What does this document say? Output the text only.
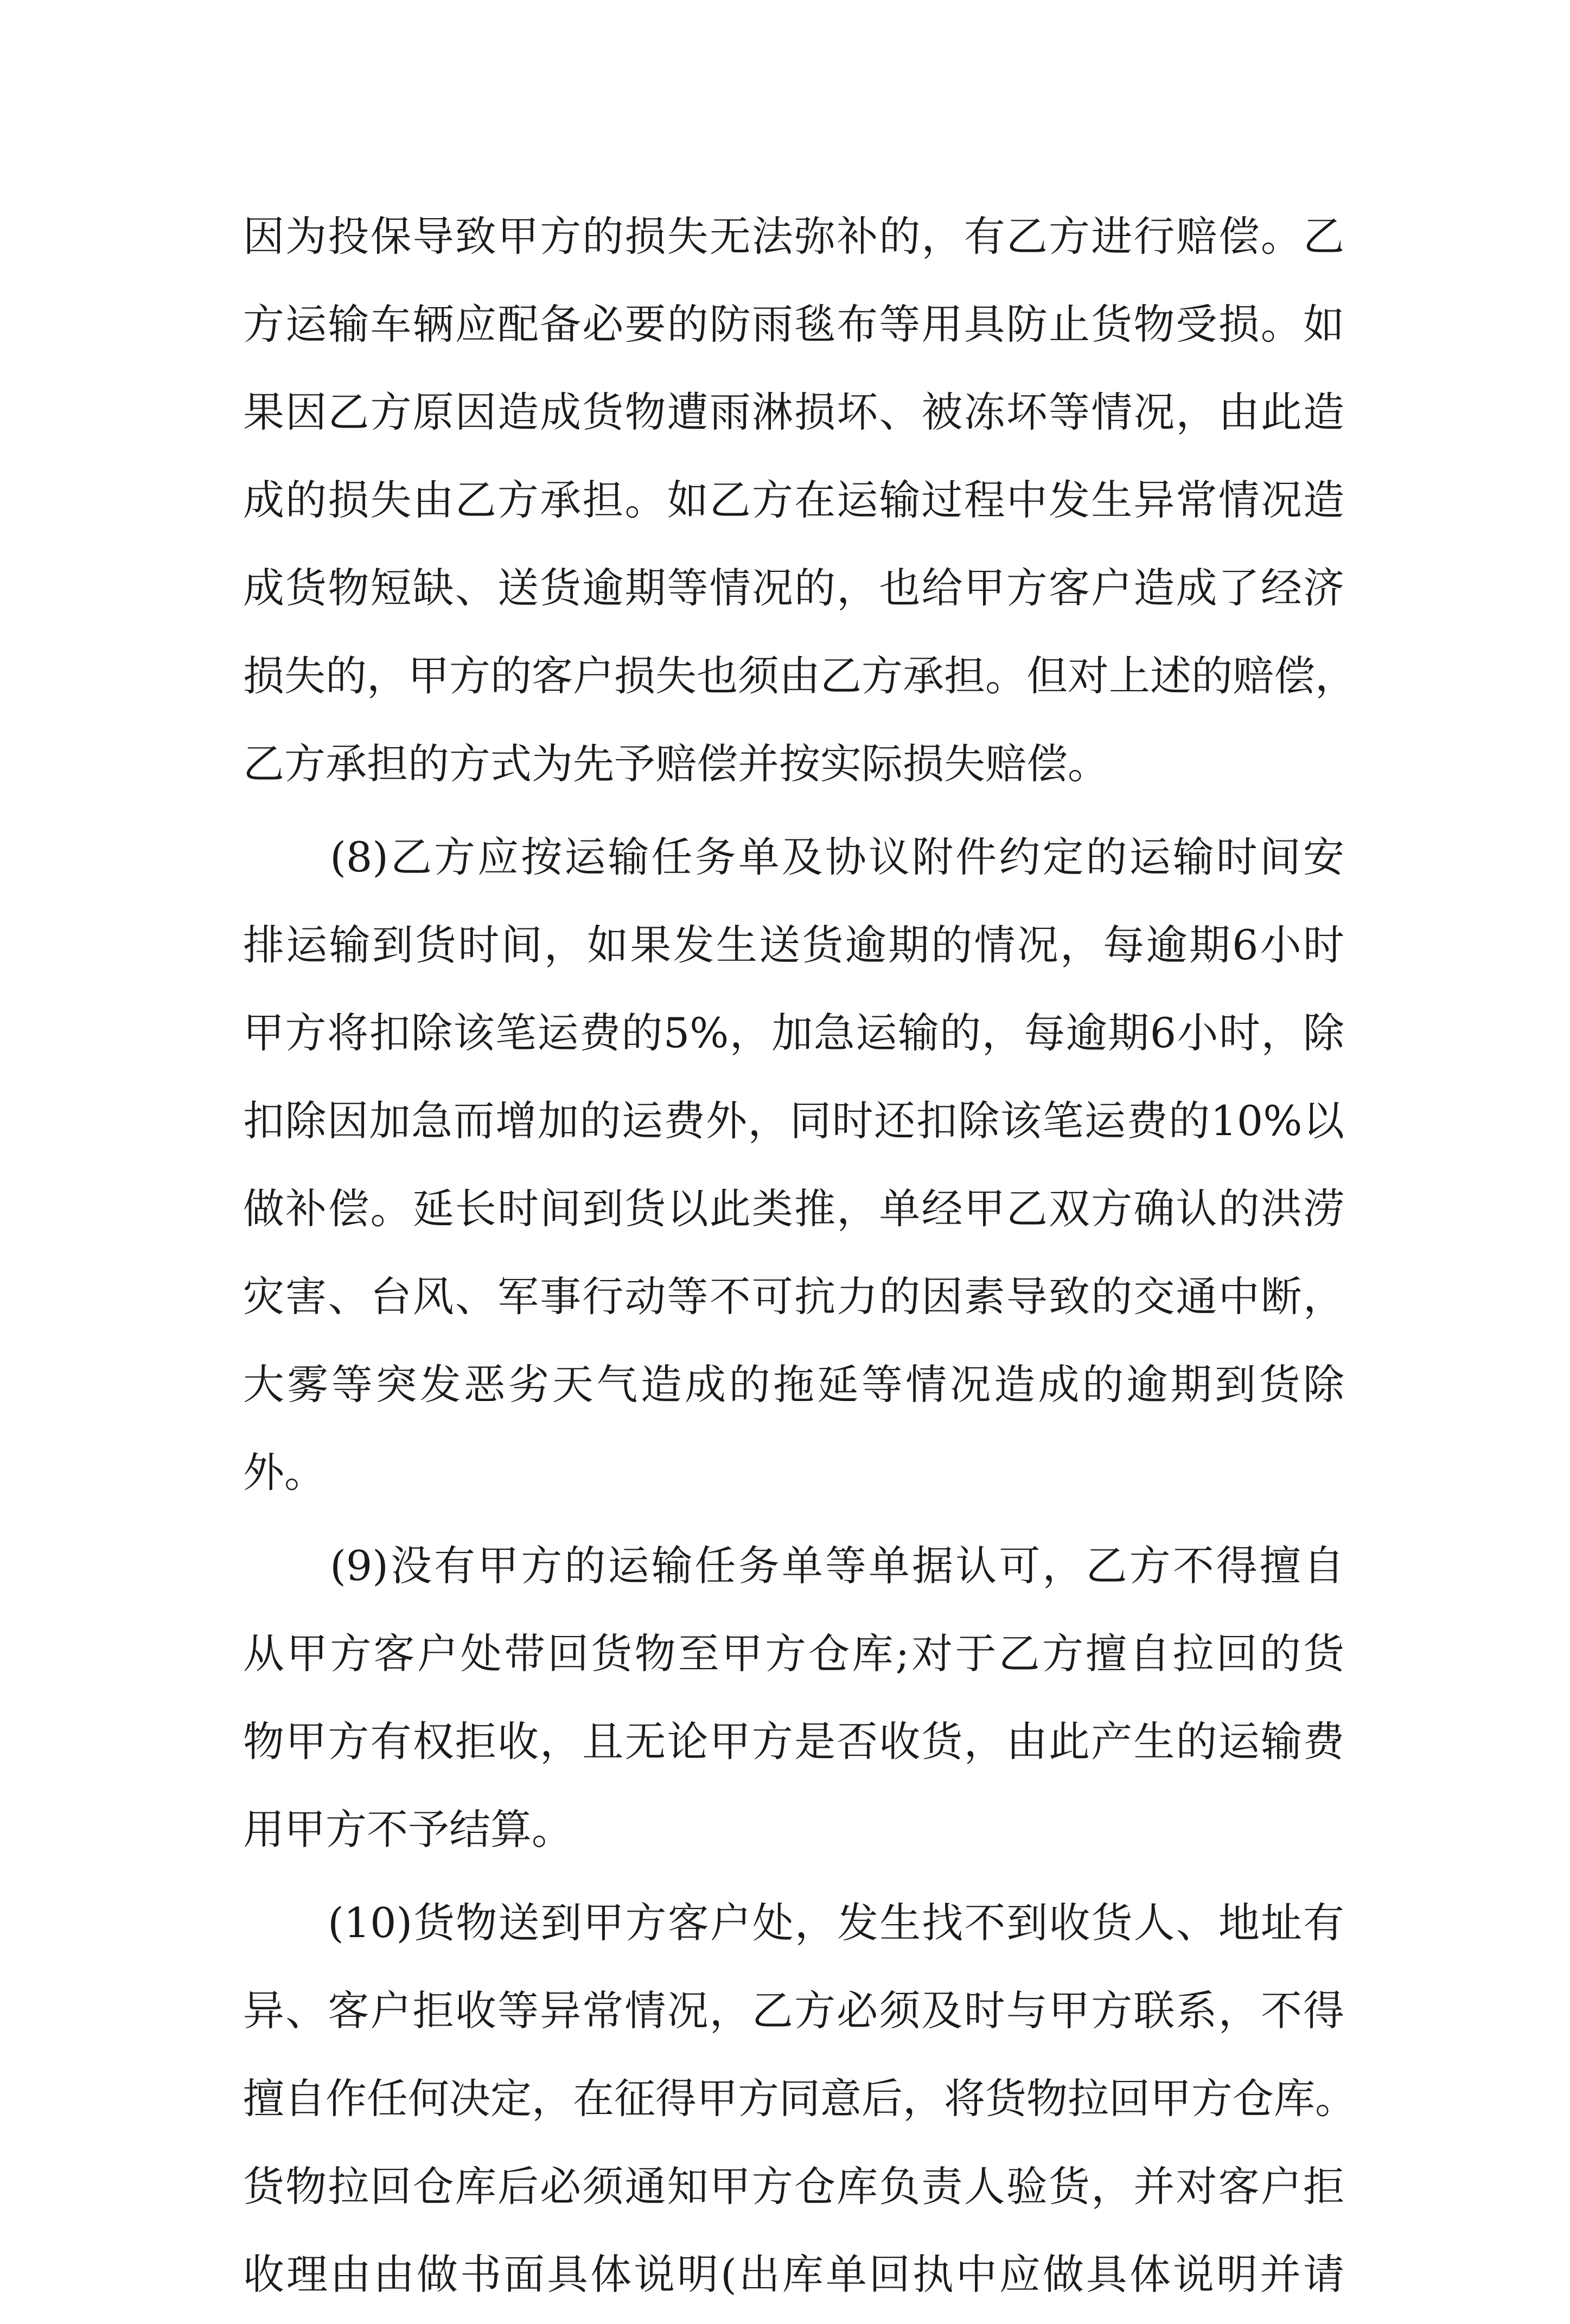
因为投保导致甲方的损失无法弥补的，有乙方进行赔偿。乙
方运输车辆应配备必要的防雨毯布等用具防止货物受损。如
果因乙方原因造成货物遭雨淋损坏、被冻坏等情况，由此造
成的损失由乙方承担。如乙方在运输过程中发生异常情况造
成货物短缺、送货逾期等情况的，也给甲方客户造成了经济
损失的，甲方的客户损失也须由乙方承担。但对上述的赔偿，
乙方承担的方式为先予赔偿并按实际损失赔偿。
　　(8)乙方应按运输任务单及协议附件约定的运输时间安
排运输到货时间，如果发生送货逾期的情况，每逾期6小时
甲方将扣除该笔运费的5%，加急运输的，每逾期6小时，除
扣除因加急而增加的运费外，同时还扣除该笔运费的10%以
做补偿。延长时间到货以此类推，单经甲乙双方确认的洪涝
灾害、台风、军事行动等不可抗力的因素导致的交通中断，
大雾等突发恶劣天气造成的拖延等情况造成的逾期到货除
外。
　　(9)没有甲方的运输任务单等单据认可，乙方不得擅自
从甲方客户处带回货物至甲方仓库;对于乙方擅自拉回的货
物甲方有权拒收，且无论甲方是否收货，由此产生的运输费
用甲方不予结算。
　　(10)货物送到甲方客户处，发生找不到收货人、地址有
异、客户拒收等异常情况，乙方必须及时与甲方联系，不得
擅自作任何决定，在征得甲方同意后，将货物拉回甲方仓库。
货物拉回仓库后必须通知甲方仓库负责人验货，并对客户拒
收理由由做书面具体说明(出库单回执中应做具体说明并请
